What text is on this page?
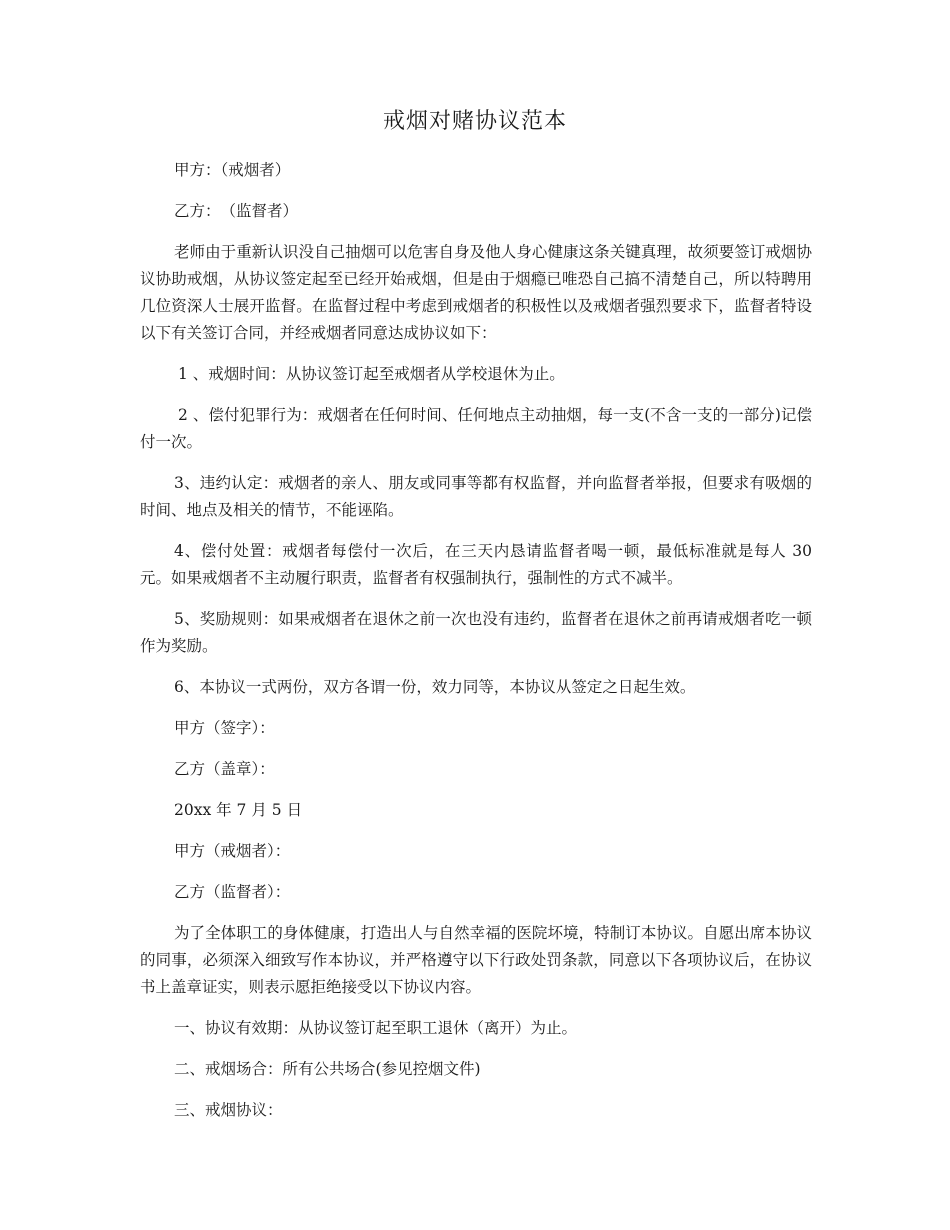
戒烟对赌协议范本

甲方：（戒烟者）

乙方：　（监督者）

老师由于重新认识没自己抽烟可以危害自身及他人身心健康这条关键真理，故须要签订戒烟协议协助戒烟，从协议签定起至已经开始戒烟，但是由于烟瘾已唯恐自己搞不清楚自己，所以特聘用几位资深人士展开监督。在监督过程中考虑到戒烟者的积极性以及戒烟者强烈要求下，监督者特设以下有关签订合同，并经戒烟者同意达成协议如下：

1 、戒烟时间：从协议签订起至戒烟者从学校退休为止。

2 、偿付犯罪行为：戒烟者在任何时间、任何地点主动抽烟，每一支(不含一支的一部分)记偿付一次。

3、违约认定：戒烟者的亲人、朋友或同事等都有权监督，并向监督者举报，但要求有吸烟的时间、地点及相关的情节，不能诬陷。

4、偿付处置：戒烟者每偿付一次后，在三天内恳请监督者喝一顿，最低标准就是每人 30 元。如果戒烟者不主动履行职责，监督者有权强制执行，强制性的方式不减半。

5、奖励规则：如果戒烟者在退休之前一次也没有违约，监督者在退休之前再请戒烟者吃一顿作为奖励。

6、本协议一式两份，双方各谓一份，效力同等，本协议从签定之日起生效。

甲方（签字）：

乙方（盖章）：

20xx 年 7 月 5 日

甲方（戒烟者）：

乙方（监督者）：

为了全体职工的身体健康，打造出人与自然幸福的医院坏境，特制订本协议。自愿出席本协议的同事，必须深入细致写作本协议，并严格遵守以下行政处罚条款，同意以下各项协议后，在协议书上盖章证实，则表示愿拒绝接受以下协议内容。

一、协议有效期：从协议签订起至职工退休（离开）为止。

二、戒烟场合：所有公共场合(参见控烟文件)

三、戒烟协议：
